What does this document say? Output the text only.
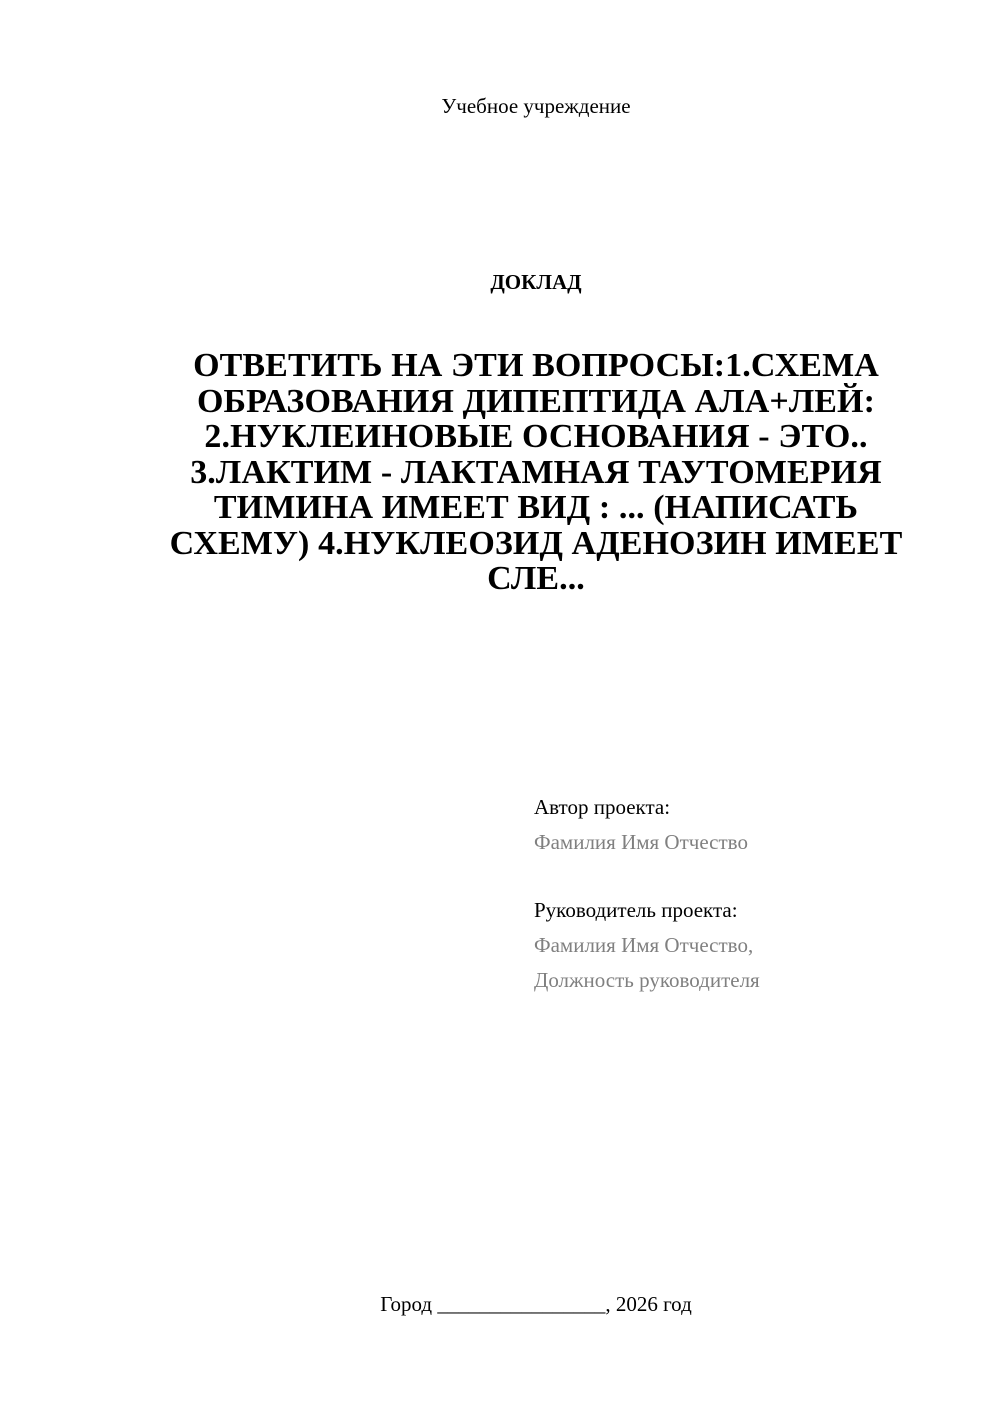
Учебное учреждение
ДОКЛАД
ОТВЕТИТЬ НА ЭТИ ВОПРОСЫ:1.СХЕМА ОБРАЗОВАНИЯ ДИПЕПТИДА АЛА+ЛЕЙ: 2.НУКЛЕИНОВЫЕ ОСНОВАНИЯ - ЭТО.. 3.ЛАКТИМ - ЛАКТАМНАЯ ТАУТОМЕРИЯ ТИМИНА ИМЕЕТ ВИД : ... (НАПИСАТЬ СХЕМУ) 4.НУКЛЕОЗИД АДЕНОЗИН ИМЕЕТ СЛЕ...
Автор проекта:
Фамилия Имя Отчество
Руководитель проекта:
Фамилия Имя Отчество,
Должность руководителя
Город ________________, 2026 год
